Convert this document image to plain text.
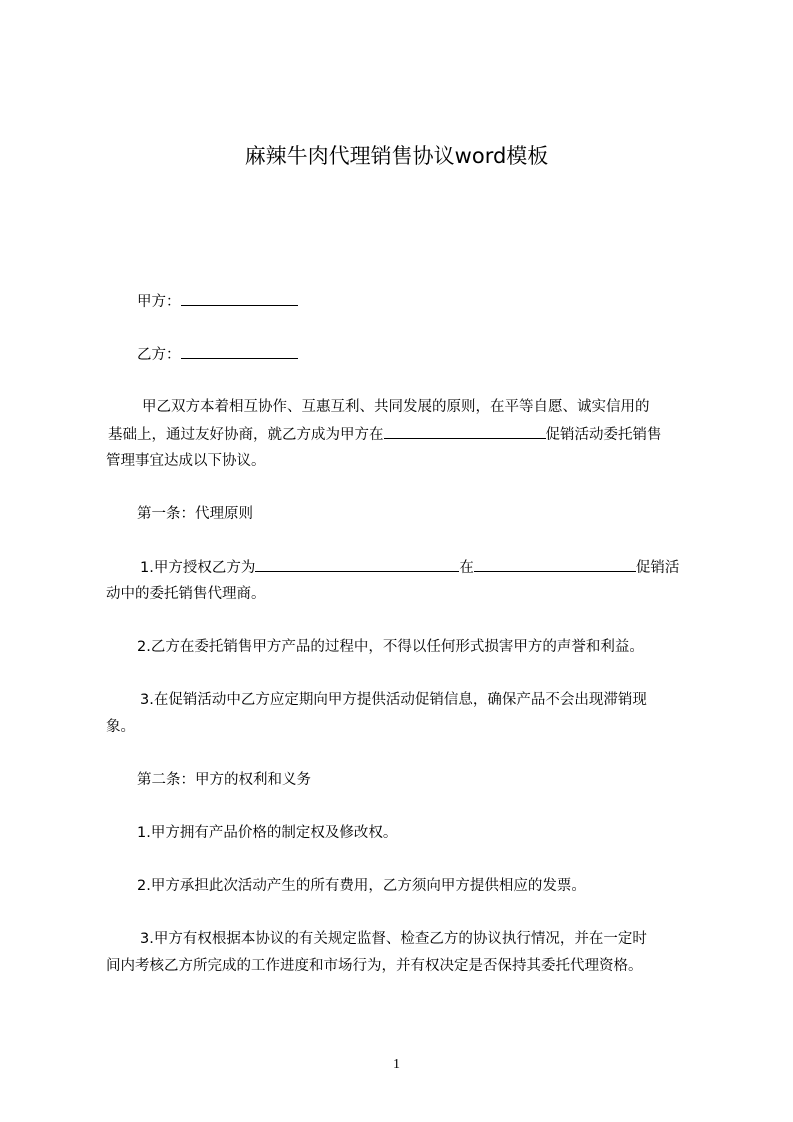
麻辣牛肉代理销售协议word模板
甲方：
乙方：
甲乙双方本着相互协作、互惠互利、共同发展的原则，在平等自愿、诚实信用的
基础上，通过友好协商，就乙方成为甲方在	促销活动委托销售
管理事宜达成以下协议。
第一条：代理原则
1.甲方授权乙方为	在	促销活
动中的委托销售代理商。
2.乙方在委托销售甲方产品的过程中，不得以任何形式损害甲方的声誉和利益。
3.在促销活动中乙方应定期向甲方提供活动促销信息，确保产品不会出现滞销现
象。
第二条：甲方的权利和义务
1.甲方拥有产品价格的制定权及修改权。
2.甲方承担此次活动产生的所有费用，乙方须向甲方提供相应的发票。
3.甲方有权根据本协议的有关规定监督、检查乙方的协议执行情况，并在一定时
间内考核乙方所完成的工作进度和市场行为，并有权决定是否保持其委托代理资格。
1
